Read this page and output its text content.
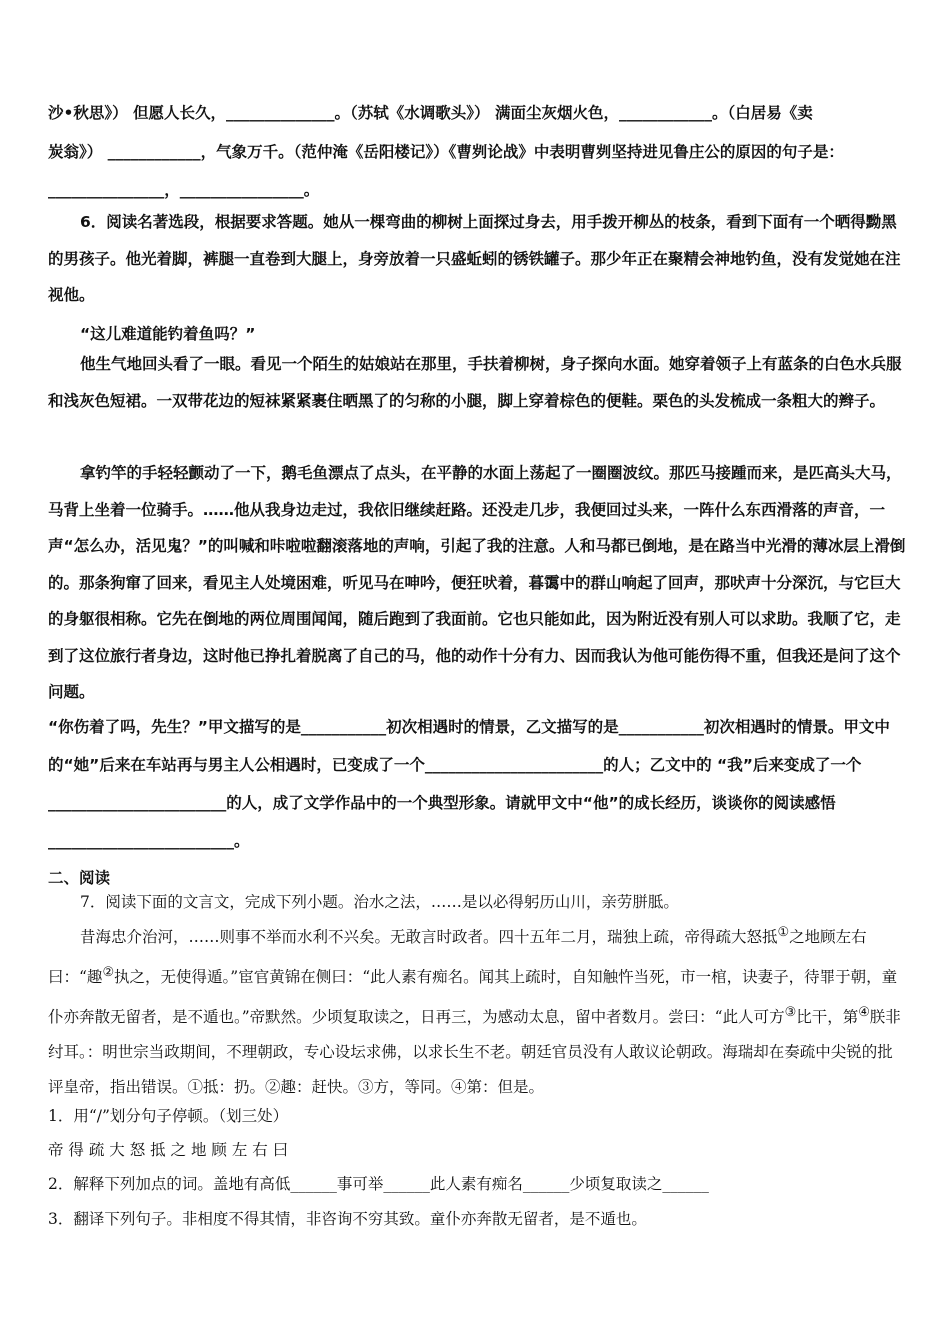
沙•秋思》） 但愿人长久，______________。（苏轼《水调歌头》） 满面尘灰烟火色，____________。（白居易《卖

炭翁》） ____________，气象万千。（范仲淹《岳阳楼记》）《曹刿论战》中表明曹刿坚持进见鲁庄公的原因的句子是：

_______________，________________。

6．阅读名著选段，根据要求答题。她从一棵弯曲的柳树上面探过身去，用手拨开柳丛的枝条，看到下面有一个晒得黝黑的男孩子。他光着脚，裤腿一直卷到大腿上，身旁放着一只盛蚯蚓的锈铁罐子。那少年正在聚精会神地钓鱼，没有发觉她在注视他。

“这儿难道能钓着鱼吗？”

他生气地回头看了一眼。看见一个陌生的姑娘站在那里，手扶着柳树，身子探向水面。她穿着领子上有蓝条的白色水兵服和浅灰色短裙。一双带花边的短袜紧紧裹住晒黑了的匀称的小腿，脚上穿着棕色的便鞋。栗色的头发梳成一条粗大的辫子。

拿钓竿的手轻轻颤动了一下，鹅毛鱼漂点了点头，在平静的水面上荡起了一圈圈波纹。那匹马接踵而来，是匹高头大马，马背上坐着一位骑手。……他从我身边走过，我依旧继续赶路。还没走几步，我便回过头来，一阵什么东西滑落的声音，一声“怎么办，活见鬼？”的叫喊和咔啦啦翻滚落地的声响，引起了我的注意。人和马都已倒地，是在路当中光滑的薄冰层上滑倒的。那条狗窜了回来，看见主人处境困难，听见马在呻吟，便狂吠着，暮霭中的群山响起了回声，那吠声十分深沉，与它巨大的身躯很相称。它先在倒地的两位周围闻闻，随后跑到了我面前。它也只能如此，因为附近没有别人可以求助。我顺了它，走到了这位旅行者身边，这时他已挣扎着脱离了自己的马，他的动作十分有力、因而我认为他可能伤得不重，但我还是问了这个问题。

“你伤着了吗，先生？”甲文描写的是___________初次相遇时的情景，乙文描写的是___________初次相遇时的情景。甲文中的“她”后来在车站再与男主人公相遇时，已变成了一个_______________________的人；乙文中的 “我”后来变成了一个_______________________的人，成了文学作品中的一个典型形象。请就甲文中“他”的成长经历，谈谈你的阅读感悟________________________。

二、阅读

7．阅读下面的文言文，完成下列小题。治水之法，……是以必得躬历山川，亲劳胼胝。

昔海忠介治河，……则事不举而水利不兴矣。无敢言时政者。四十五年二月，瑞独上疏，帝得疏大怒抵①之地顾左右曰：“趣②执之，无使得遁。”宦官黄锦在侧曰：“此人素有痴名。闻其上疏时，自知触忤当死，市一棺，诀妻子，待罪于朝，童仆亦奔散无留者，是不遁也。”帝默然。少顷复取读之，日再三，为感动太息，留中者数月。尝曰：“此人可方③比干，第④朕非纣耳。：明世宗当政期间，不理朝政，专心设坛求佛，以求长生不老。朝廷官员没有人敢议论朝政。海瑞却在奏疏中尖锐的批评皇帝，指出错误。①抵：扔。②趣：赶快。③方，等同。④第：但是。

1．用“/”划分句子停顿。（划三处）

帝 得 疏 大 怒 抵 之 地 顾 左 右 曰

2．解释下列加点的词。盖地有高低______事可举______此人素有痴名______少顷复取读之______

3．翻译下列句子。非相度不得其情，非咨询不穷其致。童仆亦奔散无留者，是不遁也。
